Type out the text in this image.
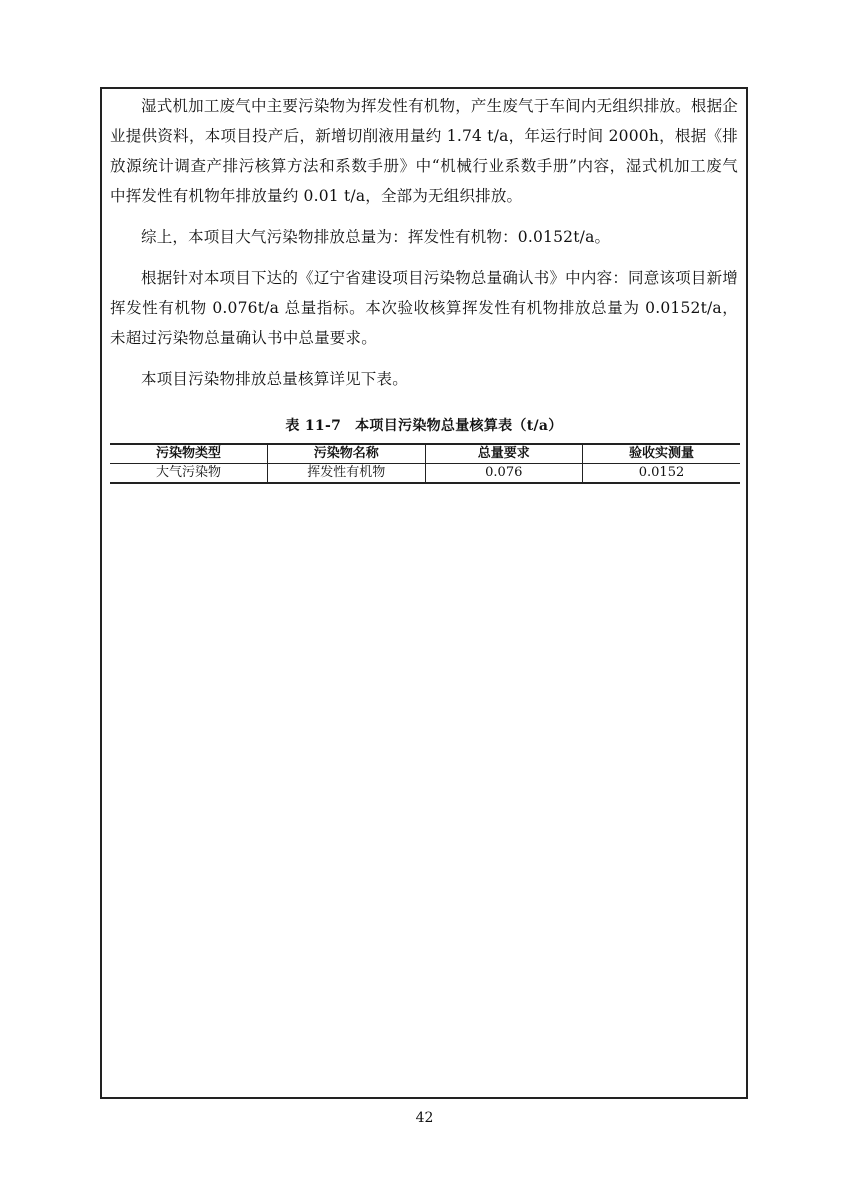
湿式机加工废气中主要污染物为挥发性有机物，产生废气于车间内无组织排放。根据企业提供资料，本项目投产后，新增切削液用量约 1.74 t/a，年运行时间 2000h，根据《排放源统计调查产排污核算方法和系数手册》中“机械行业系数手册”内容，湿式机加工废气中挥发性有机物年排放量约 0.01 t/a，全部为无组织排放。

综上，本项目大气污染物排放总量为：挥发性有机物：0.0152t/a。

根据针对本项目下达的《辽宁省建设项目污染物总量确认书》中内容：同意该项目新增挥发性有机物 0.076t/a 总量指标。本次验收核算挥发性有机物排放总量为 0.0152t/a，未超过污染物总量确认书中总量要求。

本项目污染物排放总量核算详见下表。

表 11-7 本项目污染物总量核算表（t/a）
污染物类型	污染物名称	总量要求	验收实测量
大气污染物	挥发性有机物	0.076	0.0152
42
